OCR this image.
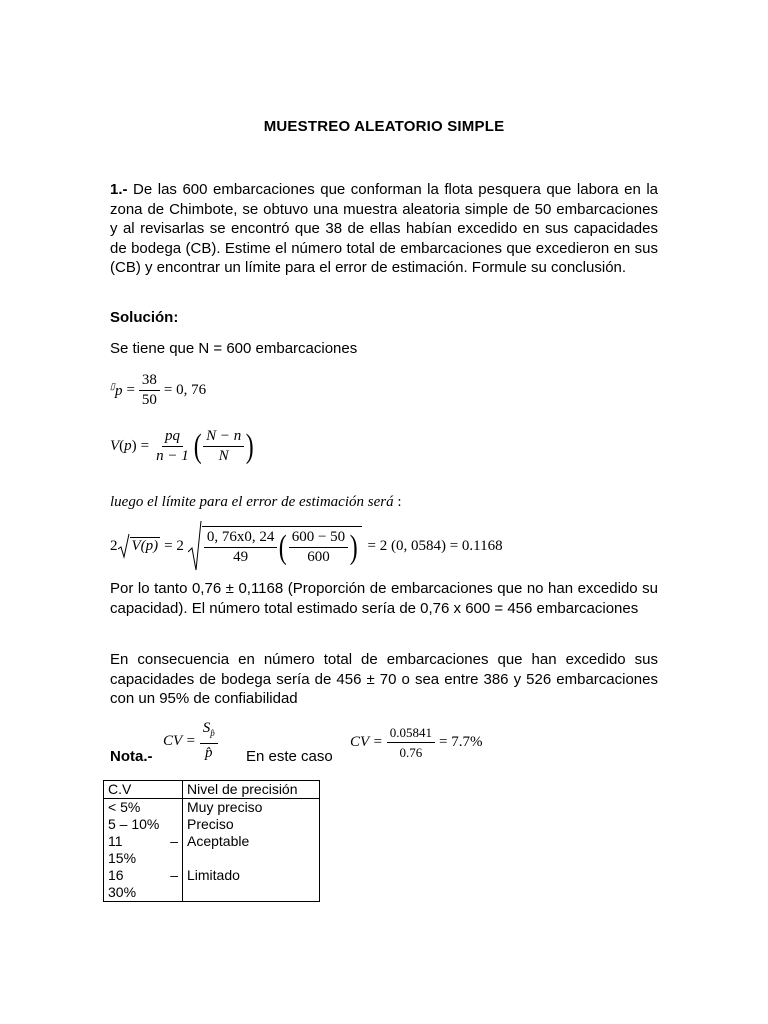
MUESTREO ALEATORIO SIMPLE
1.- De las 600 embarcaciones que conforman la flota pesquera que labora en la zona de Chimbote, se obtuvo una muestra aleatoria simple de 50 embarcaciones y al revisarlas se encontró que 38 de ellas habían excedido en sus capacidades de bodega (CB). Estime el número total de embarcaciones que excedieron en sus (CB) y encontrar un límite para el error de estimación. Formule su conclusión.
Solución:
Se tiene que N = 600 embarcaciones
$^▯p = \frac{38}{50} = 0$, 76
V ( p ) = $\frac{pq}{n - 1}$ ( $\frac{N - n}{N}$ )
luego el límite para el error de estimación será :
2 $V(p) = 2 \frac{0, 76x0, 24}{49}$ ( $\frac{600 - 50}{600}$ ) = 2 (0, 0584) = 0.1168
Por lo tanto 0,76 ± 0,1168 (Proporción de embarcaciones que no han excedido su capacidad). El número total estimado sería de 0,76 x 600 = 456 embarcaciones
En consecuencia en número total de embarcaciones que han excedido sus capacidades de bodega sería de 456 ± 70 o sea entre 386 y 526 embarcaciones con un 95% de confiabilidad
Nota.-
CV = $\frac{S_{p̂}}{p̂}$ En este caso
CV = $\frac{0.05841}{0.76} = 7.7\%$
C.V	Nivel de precisión
< 5%	Muy preciso
5 – 10%	Preciso

11 –
15%	Aceptable

16 –
30%	Limitado
